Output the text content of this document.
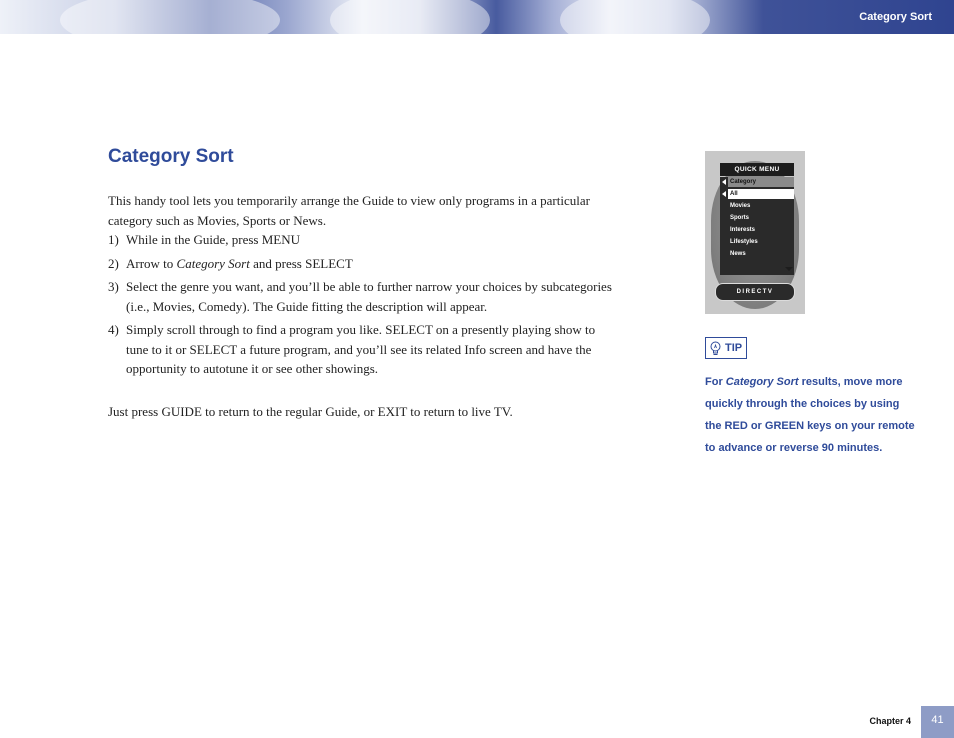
Category Sort
Category Sort

This handy tool lets you temporarily arrange the Guide to view only programs in a particular category such as Movies, Sports or News.

1) While in the Guide, press MENU
2) Arrow to Category Sort and press SELECT
3) Select the genre you want, and you’ll be able to further narrow your choices by subcategories (i.e., Movies, Comedy). The Guide fitting the description will appear.
4) Simply scroll through to find a program you like. SELECT on a presently playing show to tune to it or SELECT a future program, and you’ll see its related Info screen and have the opportunity to autotune it or see other showings.

Just press GUIDE to return to the regular Guide, or EXIT to return to live TV.

QUICK MENU
Category
All
Movies
Sports
Interests
Lifestyles
News
DIRECTV
TIP

For Category Sort results, move more quickly through the choices by using the RED or GREEN keys on your remote to advance or reverse 90 minutes.

Chapter 4	41
